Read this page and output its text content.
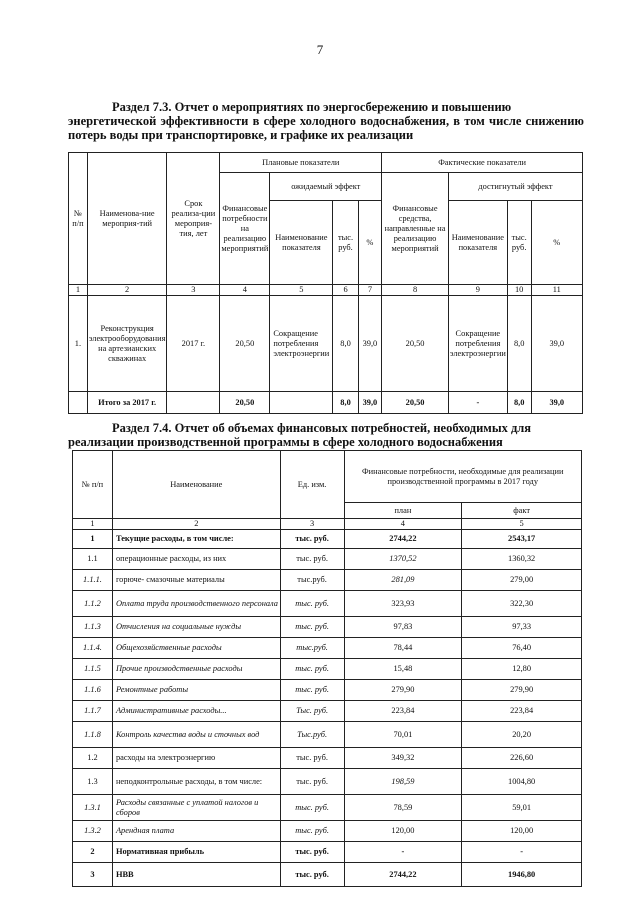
7
Раздел 7.3. Отчет о мероприятиях по энергосбережению и повышению
энергетической эффективности в сфере холодного водоснабжения, в том числе снижению потерь воды при транспортировке, и графике их реализации
№ п/п	Наименова-ние мероприя-тий	Срок реализа-ции мероприя-тия, лет	Плановые показатели				Фактические показатели			
			Финансовые потребности на реализацию мероприятий	ожидаемый эффект			Финансовые средства, направленные на реализацию мероприятий	достигнутый эффект		
				Наименование показателя	тыс. руб.	%		Наименование показателя	тыс. руб.	%
1	2	3	4	5	6	7	8	9	10	11
1.	Реконструкция электрооборудования на артезианских скважинах	2017 г.	20,50	Сокращение потребления электроэнергии	8,0	39,0	20,50	Сокращение потребления электроэнергии	8,0	39,0
	Итого за 2017 г.		20,50		8,0	39,0	20,50	-	8,0	39,0
Раздел 7.4. Отчет об объемах финансовых потребностей, необходимых для
реализации производственной программы в сфере холодного водоснабжения
№ п/п	Наименование	Ед. изм.	Финансовые потребности, необходимые для реализации производственной программы в 2017 году	
			план	факт
1	2	3	4	5
1	Текущие расходы, в том числе:	тыс. руб.	2744,22	2543,17
1.1	операционные расходы, из них	тыс. руб.	1370,52	1360,32
1.1.1.	горюче- смазочные материалы	тыс.руб.	281,09	279,00
1.1.2	Оплата труда производственного персонала	тыс. руб.	323,93	322,30
1.1.3	Отчисления на социальные нужды	тыс. руб.	97,83	97,33
1.1.4.	Общехозяйственные расходы	тыс.руб.	78,44	76,40
1.1.5	Прочие производственные расходы	тыс. руб.	15,48	12,80
1.1.6	Ремонтные работы	тыс. руб.	279,90	279,90
1.1.7	Административные расходы...	Тыс. руб.	223,84	223,84
1.1.8	Контроль качества воды и сточных вод	Тыс.руб.	70,01	20,20
1.2	расходы на электроэнергию	тыс. руб.	349,32	226,60
1.3	неподконтрольные расходы, в том числе:	тыс. руб.	198,59	1004,80
1.3.1	Расходы связанные с уплатой налогов и сборов	тыс. руб.	78,59	59,01
1.3.2	Арендная плата	тыс. руб.	120,00	120,00
2	Нормативная прибыль	тыс. руб.	-	-
3	НВВ	тыс. руб.	2744,22	1946,80
